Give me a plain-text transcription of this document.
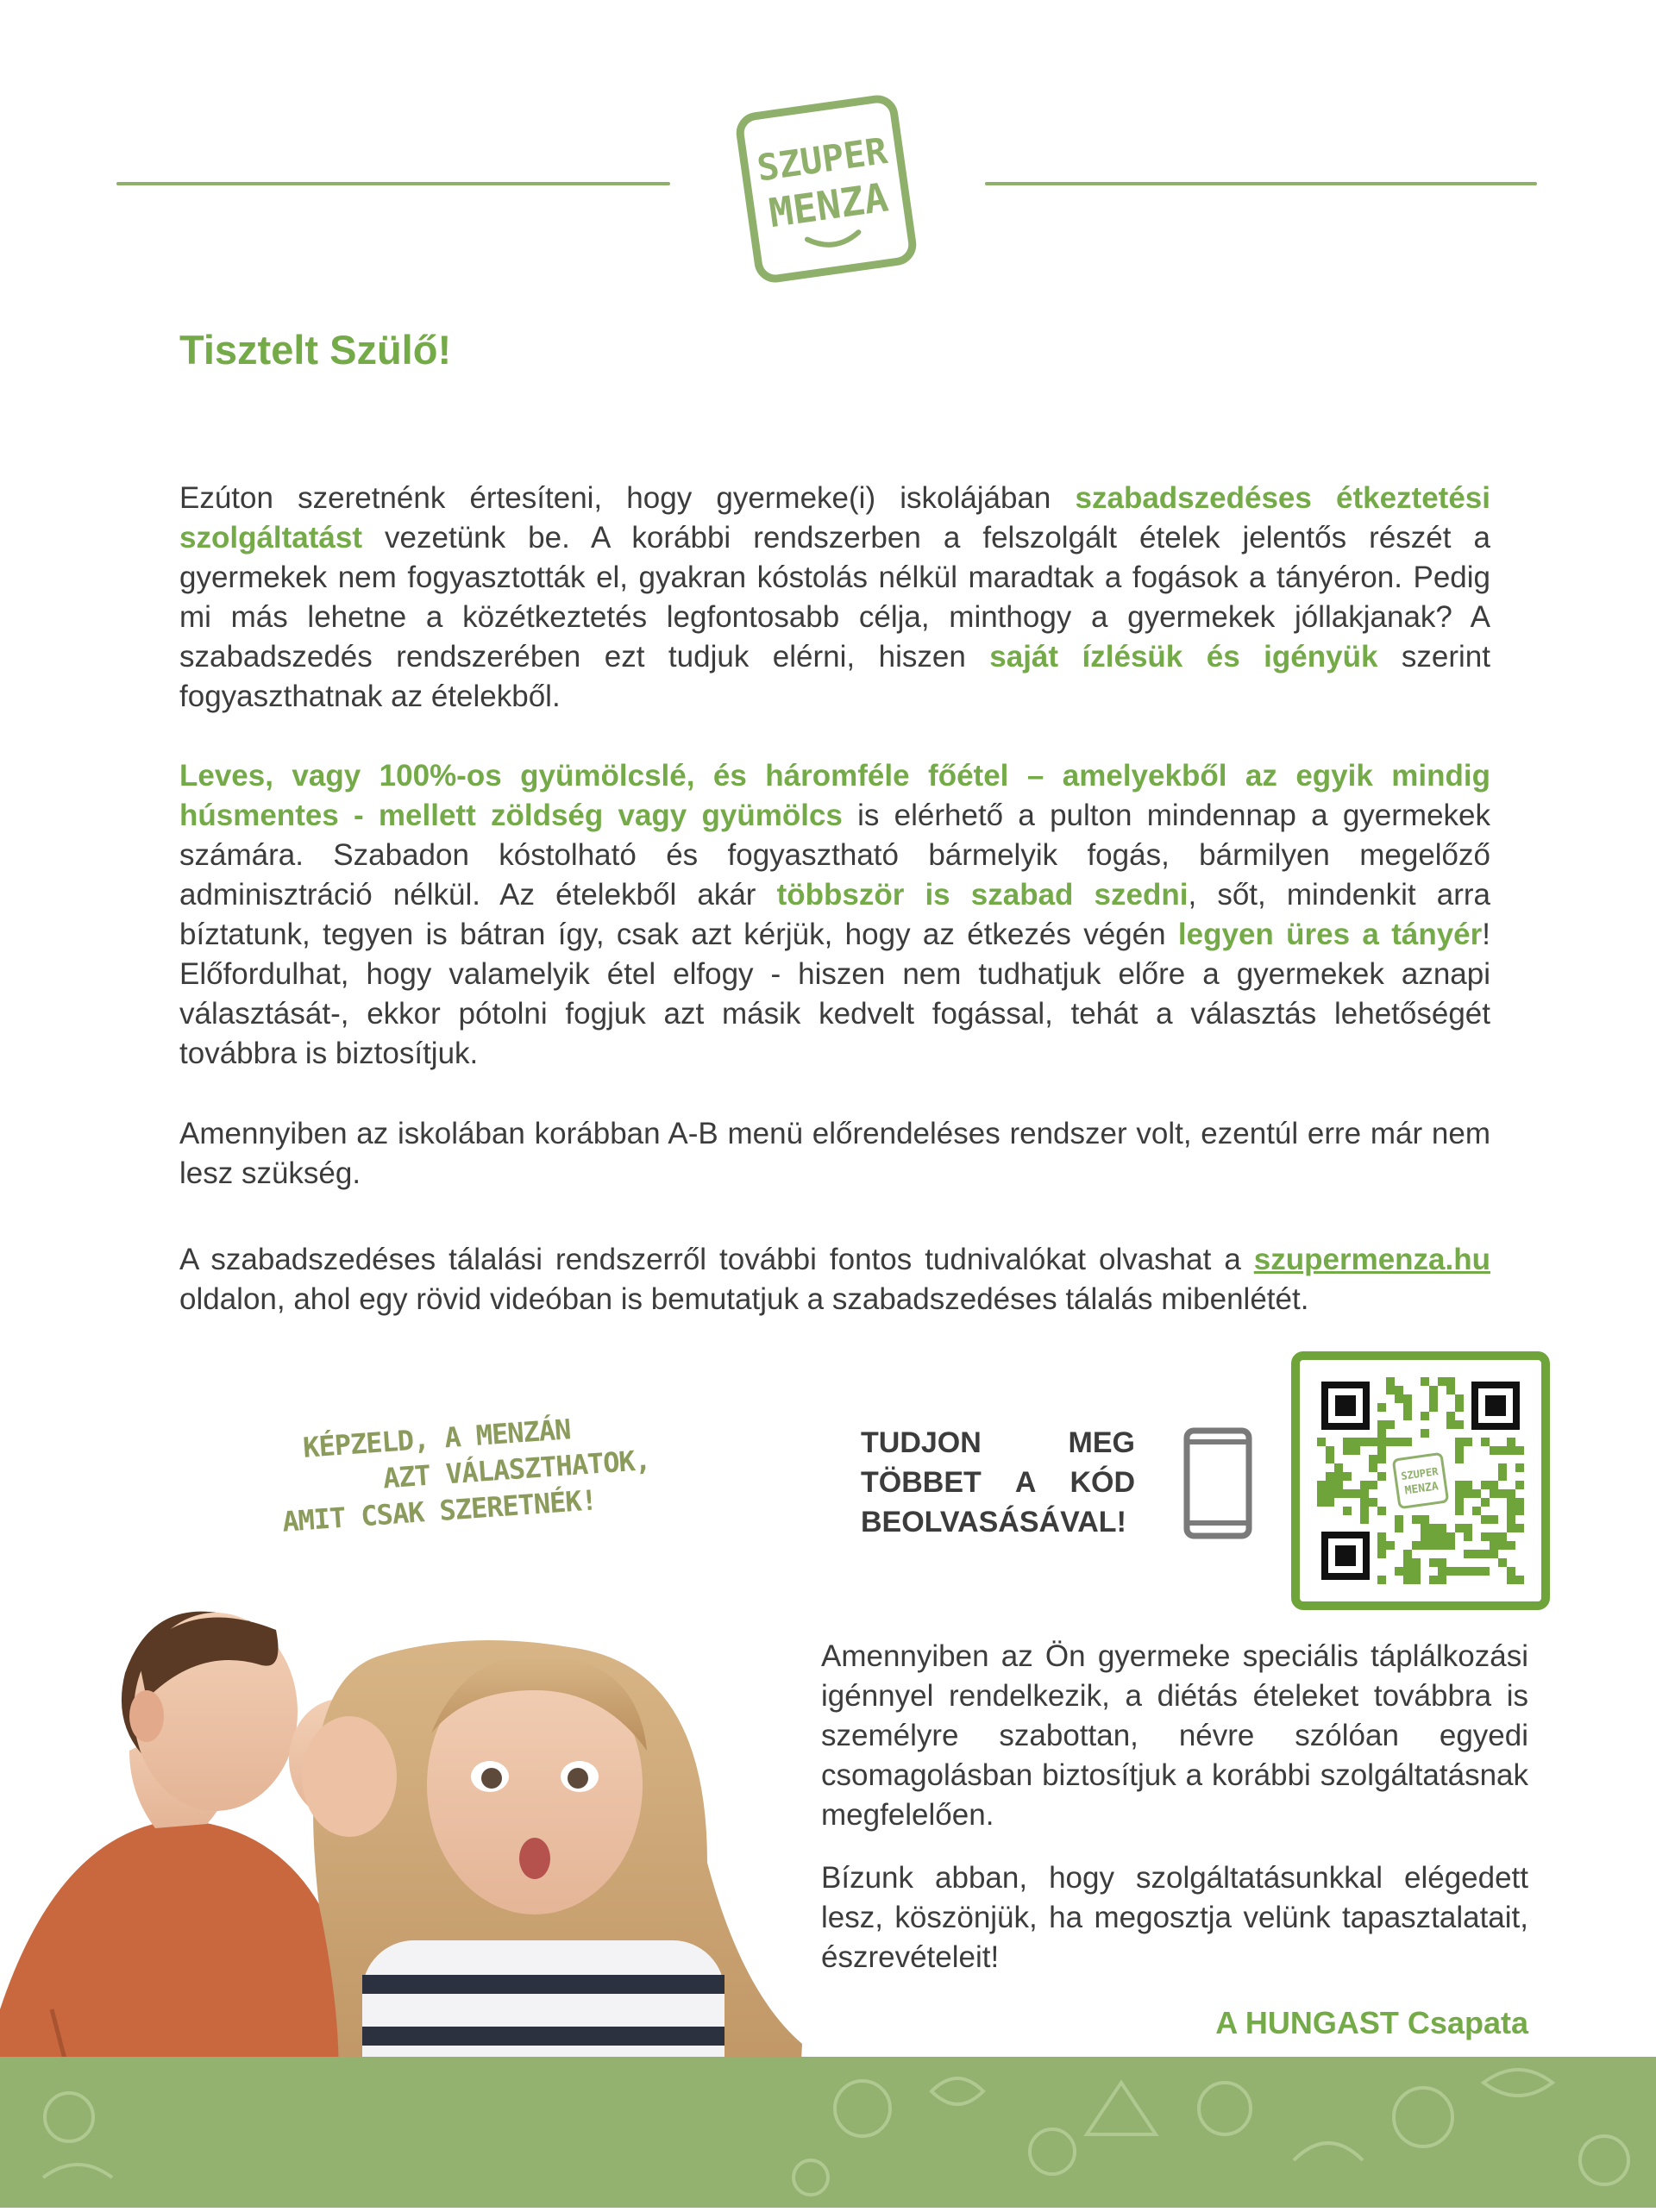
SZUPER
MENZA
Tisztelt Szülő!
Ezúton szeretnénk értesíteni, hogy gyermeke(i) iskolájában szabadszedéses étkeztetési szolgáltatást vezetünk be. A korábbi rendszerben a felszolgált ételek jelentős részét a gyermekek nem fogyasztották el, gyakran kóstolás nélkül maradtak a fogások a tányéron. Pedig mi más lehetne a közétkeztetés legfontosabb célja, minthogy a gyermekek jóllakjanak? A szabadszedés rendszerében ezt tudjuk elérni, hiszen saját ízlésük és igényük szerint fogyaszthatnak az ételekből.
Leves, vagy 100%-os gyümölcslé, és háromféle főétel – amelyekből az egyik mindig húsmentes - mellett zöldség vagy gyümölcs is elérhető a pulton mindennap a gyermekek számára. Szabadon kóstolható és fogyasztható bármelyik fogás, bármilyen megelőző adminisztráció nélkül. Az ételekből akár többször is szabad szedni, sőt, mindenkit arra bíztatunk, tegyen is bátran így, csak azt kérjük, hogy az étkezés végén legyen üres a tányér! Előfordulhat, hogy valamelyik étel elfogy - hiszen nem tudhatjuk előre a gyermekek aznapi választását-, ekkor pótolni fogjuk azt másik kedvelt fogással, tehát a választás lehetőségét továbbra is biztosítjuk.
Amennyiben az iskolában korábban A-B menü előrendeléses rendszer volt, ezentúl erre már nem lesz szükség.
A szabadszedéses tálalási rendszerről további fontos tudnivalókat olvashat a szupermenza.hu oldalon, ahol egy rövid videóban is bemutatjuk a szabadszedéses tálalás mibenlétét.
KÉPZELD, A MENZÁN
AZT VÁLASZTHATOK,
AMIT CSAK SZERETNÉK!
TUDJON MEG
TÖBBET A KÓD
BEOLVASÁSÁVAL!
SZUPER
MENZA
Amennyiben az Ön gyermeke speciális táplálkozási igénnyel rendelkezik, a diétás ételeket továbbra is személyre szabottan, névre szólóan egyedi csomagolásban biztosítjuk a korábbi szolgáltatásnak megfelelően.
Bízunk abban, hogy szolgáltatásunkkal elégedett lesz, köszönjük, ha megosztja velünk tapasztalatait, észrevételeit!
A HUNGAST Csapata
